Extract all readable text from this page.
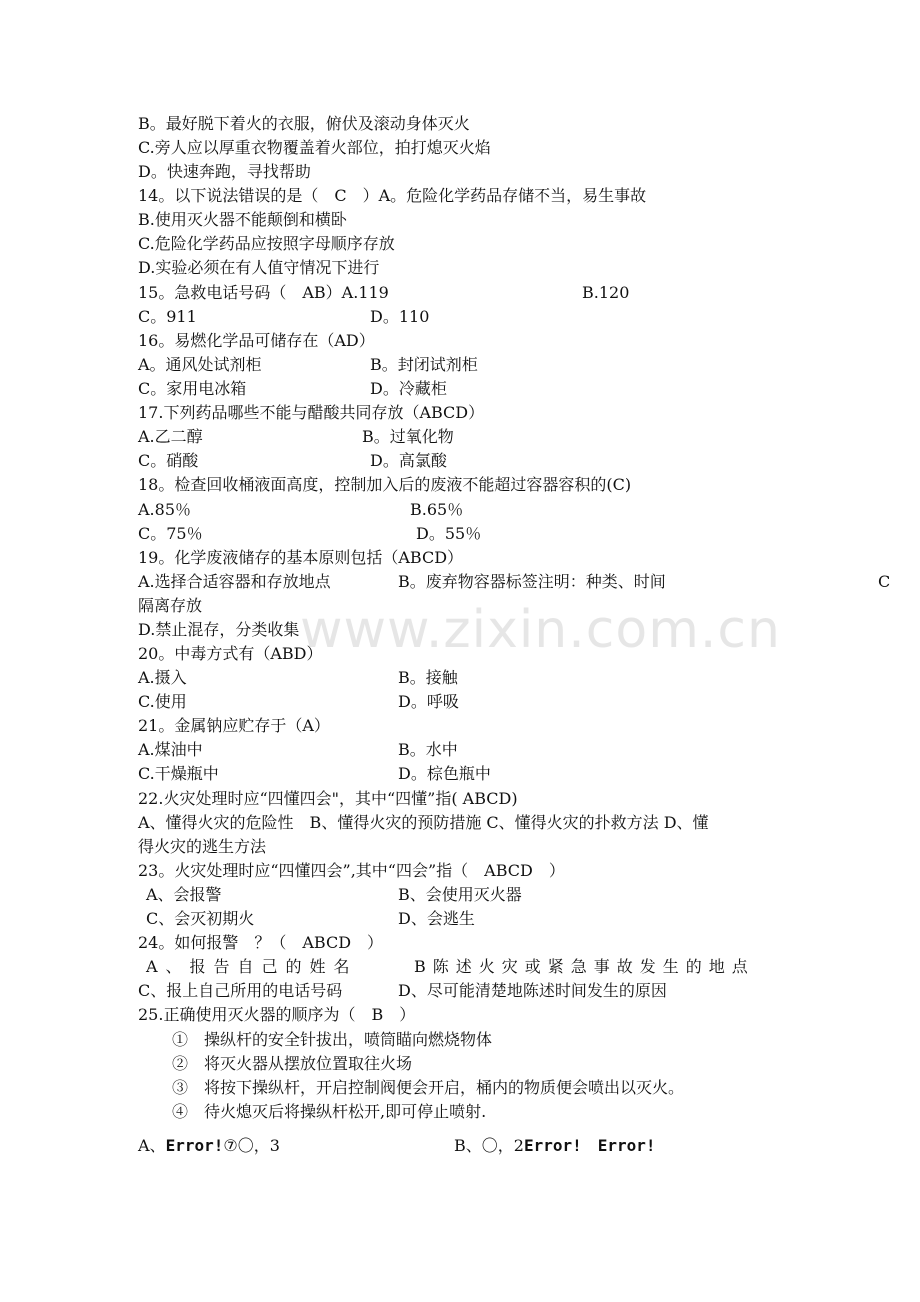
www.zixin.com.cn
B。最好脱下着火的衣服，俯伏及滚动身体灭火
C.旁人应以厚重衣物覆盖着火部位，拍打熄灭火焰
D。快速奔跑，寻找帮助
14。以下说法错误的是（　C　）A。危险化学药品存储不当，易生事故
B.使用灭火器不能颠倒和横卧
C.危险化学药品应按照字母顺序存放
D.实验必须在有人值守情况下进行
15。急救电话号码（　AB）A.119	B.120
C。911	D。110
16。易燃化学品可储存在（AD）
A。通风处试剂柜	B。封闭试剂柜
C。家用电冰箱	D。冷藏柜
17.下列药品哪些不能与醋酸共同存放（ABCD）
A.乙二醇	B。过氧化物
C。硝酸	D。高氯酸
18。检查回收桶液面高度，控制加入后的废液不能超过容器容积的(C)
A.85％	B.65％
C。75％	D。55％
19。化学废液储存的基本原则包括（ABCD）
A.选择合适容器和存放地点	B。废弃物容器标签注明：种类、时间	C
隔离存放
D.禁止混存，分类收集
20。中毒方式有（ABD）
A.摄入	B。接触
C.使用	D。呼吸
21。金属钠应贮存于（A）
A.煤油中	B。水中
C.干燥瓶中	D。棕色瓶中
22.火灾处理时应“四懂四会"，其中“四懂”指( ABCD)
A、懂得火灾的危险性　B、懂得火灾的预防措施 C、懂得火灾的扑救方法 D、懂
得火灾的逃生方法
23。火灾处理时应“四懂四会”,其中“四会”指（　ABCD　）
A、会报警	B、会使用灭火器
C、会灭初期火	D、会逃生
24。如何报警　？（　ABCD　）
A、报告自己的姓名	B陈述火灾或紧急事故发生的地点
C、报上自己所用的电话号码	D、尽可能清楚地陈述时间发生的原因
25.正确使用灭火器的顺序为（　B　）
①　操纵杆的安全针拔出，喷筒瞄向燃烧物体
②　将灭火器从摆放位置取往火场
③　将按下操纵杆，开启控制阀便会开启，桶内的物质便会喷出以灭火。
④　待火熄灭后将操纵杆松开,即可停止喷射.
A、Error!⑦〇，3	B、〇，2Error!　Error!
